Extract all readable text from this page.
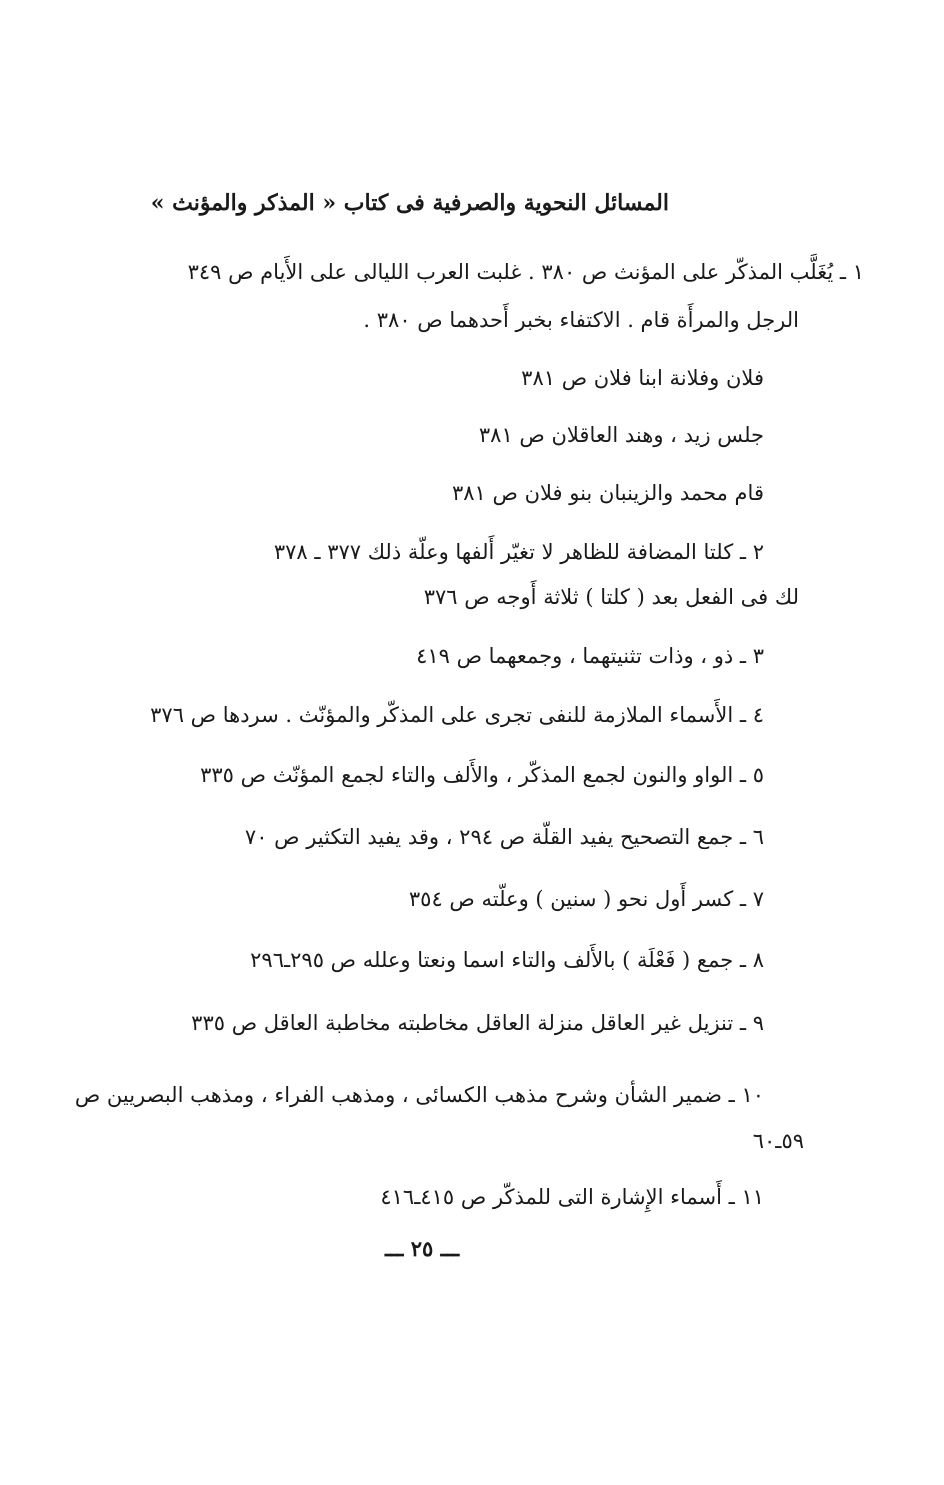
المسائل النحوية والصرفية فى كتاب « المذكر والمؤنث »
١ ـ يُغَلَّب المذكّر على المؤنث ص ٣٨٠ . غلبت العرب الليالى على الأَيام ص ٣٤٩
الرجل والمرأَة قام . الاكتفاء بخبر أَحدهما ص ٣٨٠ .
فلان وفلانة ابنا فلان ص ٣٨١
جلس زيد ، وهند العاقلان ص ٣٨١
قام محمد والزينبان بنو فلان ص ٣٨١
٢ ـ كلتا المضافة للظاهر لا تغيّر أَلفها وعلّة ذلك ٣٧٧ ـ ٣٧٨
لك فى الفعل بعد ( كلتا ) ثلاثة أَوجه ص ٣٧٦
٣ ـ ذو ، وذات تثنيتهما ، وجمعهما ص ٤١٩
٤ ـ الأَسماء الملازمة للنفى تجرى على المذكّر والمؤنّث . سردها ص ٣٧٦
٥ ـ الواو والنون لجمع المذكّر ، والأَلف والتاء لجمع المؤنّث ص ٣٣٥
٦ ـ جمع التصحيح يفيد القلّة ص ٢٩٤ ، وقد يفيد التكثير ص ٧٠
٧ ـ كسر أَول نحو ( سنين ) وعلّته ص ٣٥٤
٨ ـ جمع ( فَعْلَة ) بالأَلف والتاء اسما ونعتا وعلله ص ٢٩٥ـ٢٩٦
٩ ـ تنزيل غير العاقل منزلة العاقل مخاطبته مخاطبة العاقل ص ٣٣٥
١٠ ـ ضمير الشأن وشرح مذهب الكسائى ، ومذهب الفراء ، ومذهب البصريين ص
٥٩ـ٦٠
١١ ـ أَسماء الإِشارة التى للمذكّر ص ٤١٥ـ٤١٦
ـــ ٢٥ ـــ
